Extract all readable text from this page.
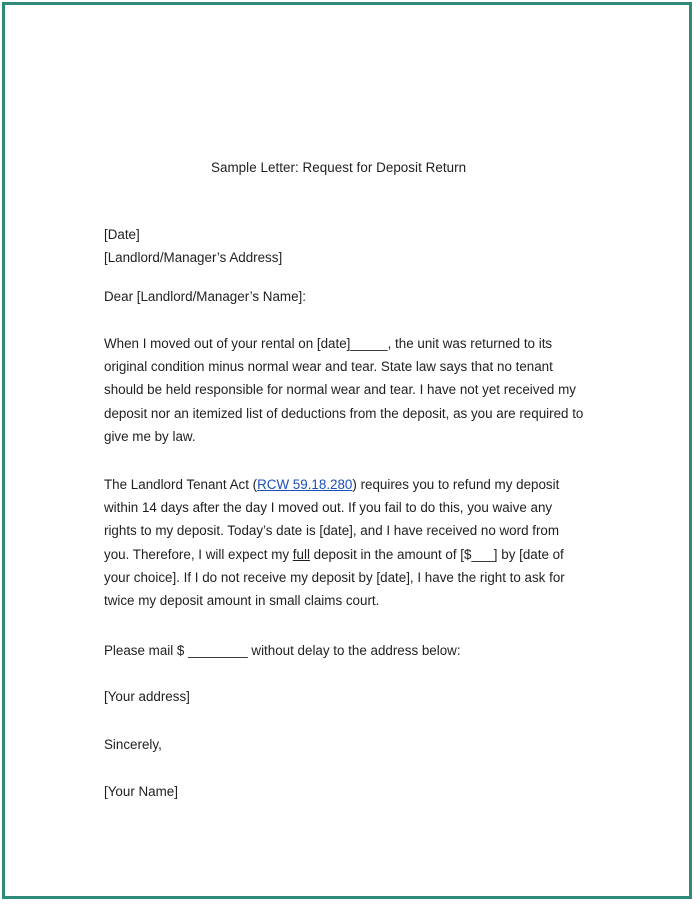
Sample Letter: Request for Deposit Return

[Date]
[Landlord/Manager’s Address]

Dear [Landlord/Manager’s Name]:

When I moved out of your rental on [date]_____, the unit was returned to its
original condition minus normal wear and tear. State law says that no tenant
should be held responsible for normal wear and tear. I have not yet received my
deposit nor an itemized list of deductions from the deposit, as you are required to
give me by law.
The Landlord Tenant Act (RCW 59.18.280) requires you to refund my deposit
within 14 days after the day I moved out. If you fail to do this, you waive any
rights to my deposit. Today’s date is [date], and I have received no word from
you. Therefore, I will expect my full deposit in the amount of [$___] by [date of
your choice]. If I do not receive my deposit by [date], I have the right to ask for
twice my deposit amount in small claims court.

Please mail $ ________ without delay to the address below:

[Your address]

Sincerely,

[Your Name]
